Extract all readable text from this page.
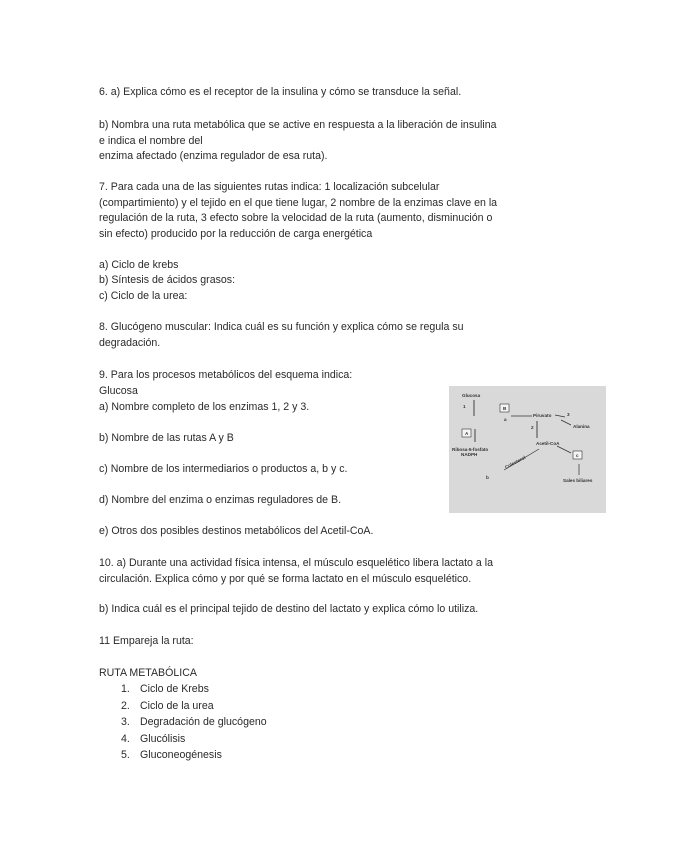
6. a) Explica cómo es el receptor de la insulina y cómo se transduce la señal.

b) Nombra una ruta metabólica que se active en respuesta a la liberación de insulina

e indica el nombre del

enzima afectado (enzima regulador de esa ruta).

7. Para cada una de las siguientes rutas indica: 1 localización subcelular

(compartimiento) y el tejido en el que tiene lugar, 2 nombre de la enzimas clave en la

regulación de la ruta, 3 efecto sobre la velocidad de la ruta (aumento, disminución o

sin efecto) producido por la reducción de carga energética

a) Ciclo de krebs

b) Síntesis de ácidos grasos:

c) Ciclo de la urea:

8. Glucógeno muscular: Indica cuál es su función y explica cómo se regula su

degradación.

9. Para los procesos metabólicos del esquema indica:

Glucosa

a) Nombre completo de los enzimas 1, 2 y 3.

b) Nombre de las rutas A y B

c) Nombre de los intermediarios o productos a, b y c.

d) Nombre del enzima o enzimas reguladores de B.

e) Otros dos posibles destinos metabólicos del Acetil-CoA.

Glucosa
1	B
a
Piruvato	3
Alanina
2
A
Acetil-CoA
Ribosa-5-fosfato
NADPH	c
Colesterol
b
Sales biliares

10. a) Durante una actividad física intensa, el músculo esquelético libera lactato a la

circulación. Explica cómo y por qué se forma lactato en el músculo esquelético.

b) Indica cuál es el principal tejido de destino del lactato y explica cómo lo utiliza.

11 Empareja la ruta:

RUTA METABÓLICA

1. Ciclo de Krebs
2. Ciclo de la urea
3. Degradación de glucógeno
4. Glucólisis
5. Gluconeogénesis
